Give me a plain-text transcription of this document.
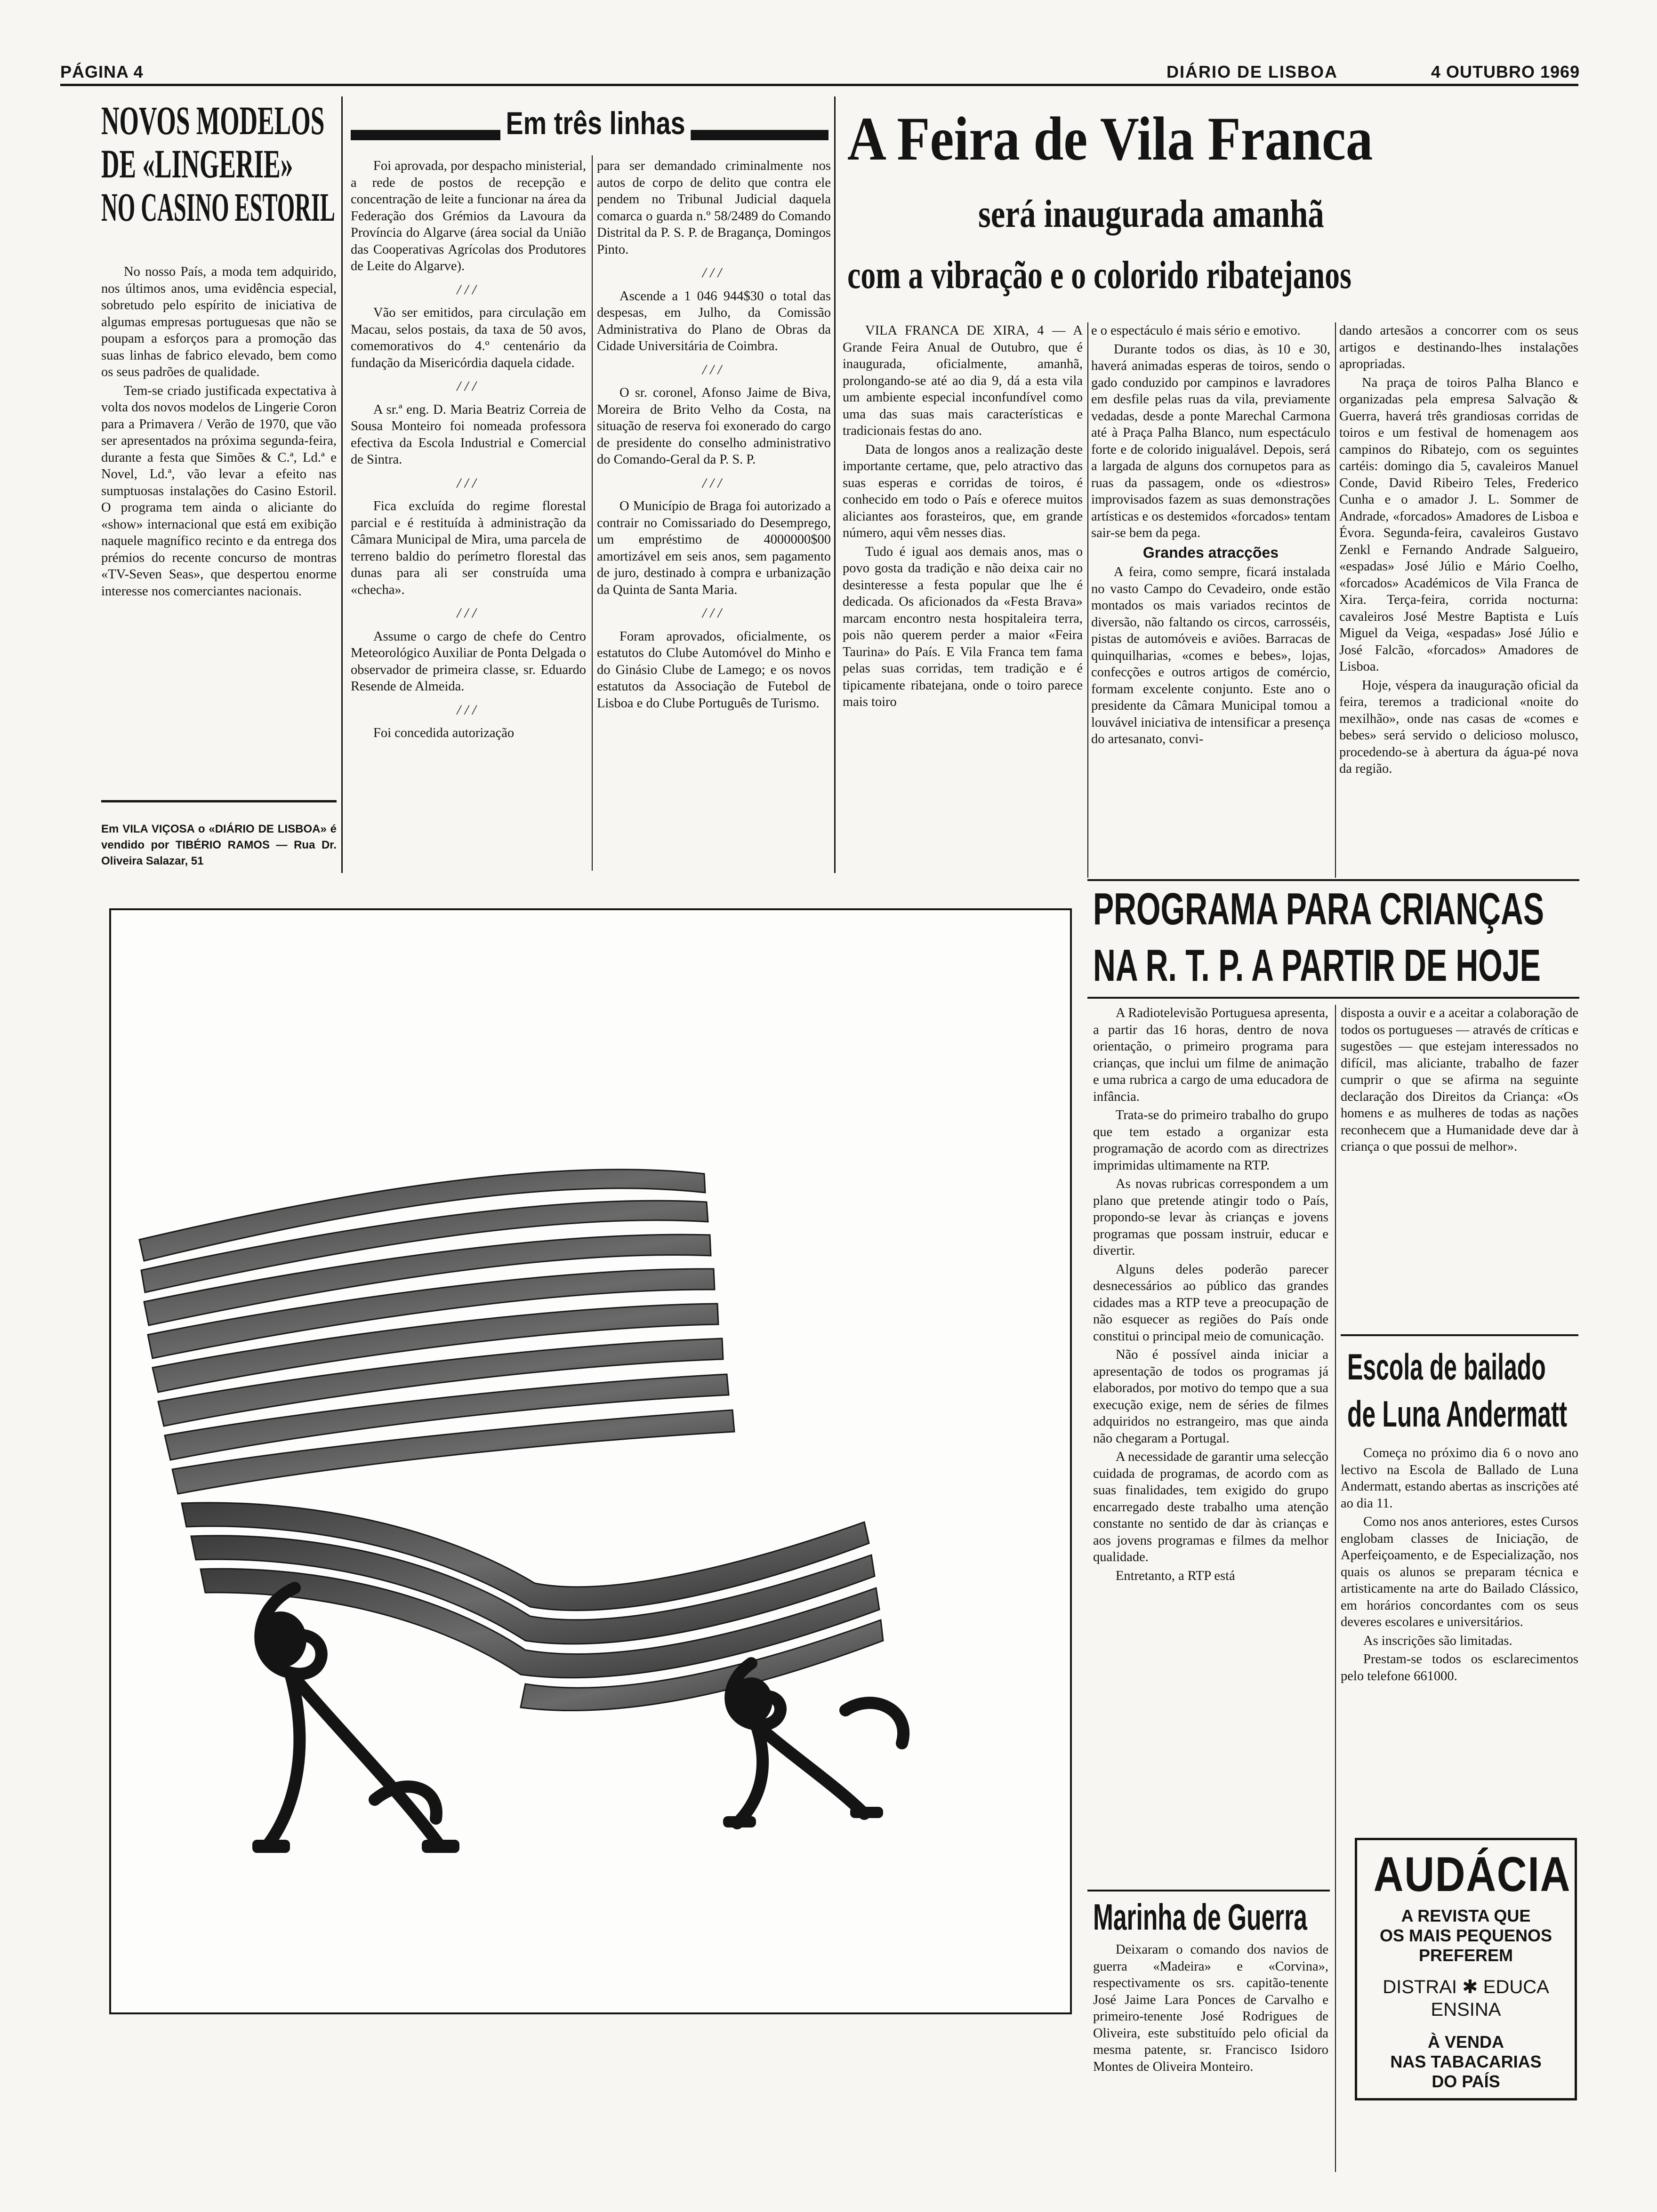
PÁGINA 4	DIÁRIO DE LISBOA	4 OUTUBRO 1969
NOVOS MODELOS
DE «LINGERIE»
NO CASINO ESTORIL

No nosso País, a moda tem adquirido, nos últimos anos, uma evidência especial, sobretudo pelo espírito de iniciativa de algumas empresas portuguesas que não se poupam a esforços para a promoção das suas linhas de fabrico elevado, bem como os seus padrões de qualidade.

Tem-se criado justificada expectativa à volta dos novos modelos de Lingerie Coron para a Primavera / Verão de 1970, que vão ser apresentados na próxima segunda-feira, durante a festa que Simões & C.ª, Ld.ª e Novel, Ld.ª, vão levar a efeito nas sumptuosas instalações do Casino Estoril. O programa tem ainda o aliciante do «show» internacional que está em exibição naquele magnífico recinto e da entrega dos prémios do recente concurso de montras «TV-Seven Seas», que despertou enorme interesse nos comerciantes nacionais.

Em VILA VIÇOSA o «DIÁRIO DE LISBOA» é vendido por TIBÉRIO RAMOS — Rua Dr. Oliveira Salazar, 51

Em três linhas

Foi aprovada, por despacho ministerial, a rede de postos de recepção e concentração de leite a funcionar na área da Federação dos Grémios da Lavoura da Província do Algarve (área social da União das Cooperativas Agrícolas dos Produtores de Leite do Algarve).

///

Vão ser emitidos, para circulação em Macau, selos postais, da taxa de 50 avos, comemorativos do 4.º centenário da fundação da Misericórdia daquela cidade.

///

A sr.ª eng. D. Maria Beatriz Correia de Sousa Monteiro foi nomeada professora efectiva da Escola Industrial e Comercial de Sintra.

///

Fica excluída do regime florestal parcial e é restituída à administração da Câmara Municipal de Mira, uma parcela de terreno baldio do perímetro florestal das dunas para ali ser construída uma «checha».

///

Assume o cargo de chefe do Centro Meteorológico Auxiliar de Ponta Delgada o observador de primeira classe, sr. Eduardo Resende de Almeida.

///

Foi concedida autorização

para ser demandado criminalmente nos autos de corpo de delito que contra ele pendem no Tribunal Judicial daquela comarca o guarda n.º 58/2489 do Comando Distrital da P. S. P. de Bragança, Domingos Pinto.

///

Ascende a 1 046 944$30 o total das despesas, em Julho, da Comissão Administrativa do Plano de Obras da Cidade Universitária de Coimbra.

///

O sr. coronel, Afonso Jaime de Biva, Moreira de Brito Velho da Costa, na situação de reserva foi exonerado do cargo de presidente do conselho administrativo do Comando-Geral da P. S. P.

///

O Município de Braga foi autorizado a contrair no Comissariado do Desemprego, um empréstimo de 4000000$00 amortizável em seis anos, sem pagamento de juro, destinado à compra e urbanização da Quinta de Santa Maria.

///

Foram aprovados, oficialmente, os estatutos do Clube Automóvel do Minho e do Ginásio Clube de Lamego; e os novos estatutos da Associação de Futebol de Lisboa e do Clube Português de Turismo.

A Feira de Vila Franca
será inaugurada amanhã
com a vibração e o colorido ribatejanos

VILA FRANCA DE XIRA, 4 — A Grande Feira Anual de Outubro, que é inaugurada, oficialmente, amanhã, prolongando-se até ao dia 9, dá a esta vila um ambiente especial inconfundível como uma das suas mais características e tradicionais festas do ano.

Data de longos anos a realização deste importante certame, que, pelo atractivo das suas esperas e corridas de toiros, é conhecido em todo o País e oferece muitos aliciantes aos forasteiros, que, em grande número, aqui vêm nesses dias.

Tudo é igual aos demais anos, mas o povo gosta da tradição e não deixa cair no desinteresse a festa popular que lhe é dedicada. Os aficionados da «Festa Brava» marcam encontro nesta hospitaleira terra, pois não querem perder a maior «Feira Taurina» do País. E Vila Franca tem fama pelas suas corridas, tem tradição e é tipicamente ribatejana, onde o toiro parece mais toiro

e o espectáculo é mais sério e emotivo.

Durante todos os dias, às 10 e 30, haverá animadas esperas de toiros, sendo o gado conduzido por campinos e lavradores em desfile pelas ruas da vila, previamente vedadas, desde a ponte Marechal Carmona até à Praça Palha Blanco, num espectáculo forte e de colorido inigualável. Depois, será a largada de alguns dos cornupetos para as ruas da passagem, onde os «diestros» improvisados fazem as suas demonstrações artísticas e os destemidos «forcados» tentam sair-se bem da pega.

Grandes atracções

A feira, como sempre, ficará instalada no vasto Campo do Cevadeiro, onde estão montados os mais variados recintos de diversão, não faltando os circos, carrosséis, pistas de automóveis e aviões. Barracas de quinquilharias, «comes e bebes», lojas, confecções e outros artigos de comércio, formam excelente conjunto. Este ano o presidente da Câmara Municipal tomou a louvável iniciativa de intensificar a presença do artesanato, convi-

dando artesãos a concorrer com os seus artigos e destinando-lhes instalações apropriadas.

Na praça de toiros Palha Blanco e organizadas pela empresa Salvação & Guerra, haverá três grandiosas corridas de toiros e um festival de homenagem aos campinos do Ribatejo, com os seguintes cartéis: domingo dia 5, cavaleiros Manuel Conde, David Ribeiro Teles, Frederico Cunha e o amador J. L. Sommer de Andrade, «forcados» Amadores de Lisboa e Évora. Segunda-feira, cavaleiros Gustavo Zenkl e Fernando Andrade Salgueiro, «espadas» José Júlio e Mário Coelho, «forcados» Académicos de Vila Franca de Xira. Terça-feira, corrida nocturna: cavaleiros José Mestre Baptista e Luís Miguel da Veiga, «espadas» José Júlio e José Falcão, «forcados» Amadores de Lisboa.

Hoje, véspera da inauguração oficial da feira, teremos a tradicional «noite do mexilhão», onde nas casas de «comes e bebes» será servido o delicioso molusco, procedendo-se à abertura da água-pé nova da região.

PROGRAMA PARA CRIANÇAS
NA R. T. P. A PARTIR DE HOJE

A Radiotelevisão Portuguesa apresenta, a partir das 16 horas, dentro de nova orientação, o primeiro programa para crianças, que inclui um filme de animação e uma rubrica a cargo de uma educadora de infância.

Trata-se do primeiro trabalho do grupo que tem estado a organizar esta programação de acordo com as directrizes imprimidas ultimamente na RTP.

As novas rubricas correspondem a um plano que pretende atingir todo o País, propondo-se levar às crianças e jovens programas que possam instruir, educar e divertir.

Alguns deles poderão parecer desnecessários ao público das grandes cidades mas a RTP teve a preocupação de não esquecer as regiões do País onde constitui o principal meio de comunicação.

Não é possível ainda iniciar a apresentação de todos os programas já elaborados, por motivo do tempo que a sua execução exige, nem de séries de filmes adquiridos no estrangeiro, mas que ainda não chegaram a Portugal.

A necessidade de garantir uma selecção cuidada de programas, de acordo com as suas finalidades, tem exigido do grupo encarregado deste trabalho uma atenção constante no sentido de dar às crianças e aos jovens programas e filmes da melhor qualidade.

Entretanto, a RTP está

disposta a ouvir e a aceitar a colaboração de todos os portugueses — através de críticas e sugestões — que estejam interessados no difícil, mas aliciante, trabalho de fazer cumprir o que se afirma na seguinte declaração dos Direitos da Criança: «Os homens e as mulheres de todas as nações reconhecem que a Humanidade deve dar à criança o que possui de melhor».

Escola de bailado
de Luna Andermatt

Começa no próximo dia 6 o novo ano lectivo na Escola de Ballado de Luna Andermatt, estando abertas as inscrições até ao dia 11.

Como nos anos anteriores, estes Cursos englobam classes de Iniciação, de Aperfeiçoamento, e de Especialização, nos quais os alunos se preparam técnica e artisticamente na arte do Bailado Clássico, em horários concordantes com os seus deveres escolares e universitários.

As inscrições são limitadas.

Prestam-se todos os esclarecimentos pelo telefone 661000.

Marinha de Guerra

Deixaram o comando dos navios de guerra «Madeira» e «Corvina», respectivamente os srs. capitão-tenente José Jaime Lara Ponces de Carvalho e primeiro-tenente José Rodrigues de Oliveira, este substituído pelo oficial da mesma patente, sr. Francisco Isidoro Montes de Oliveira Monteiro.

AUDÁCIA
A REVISTA QUE
OS MAIS PEQUENOS
PREFEREM
DISTRAI ✱ EDUCA
ENSINA
À VENDA
NAS TABACARIAS
DO PAÍS
